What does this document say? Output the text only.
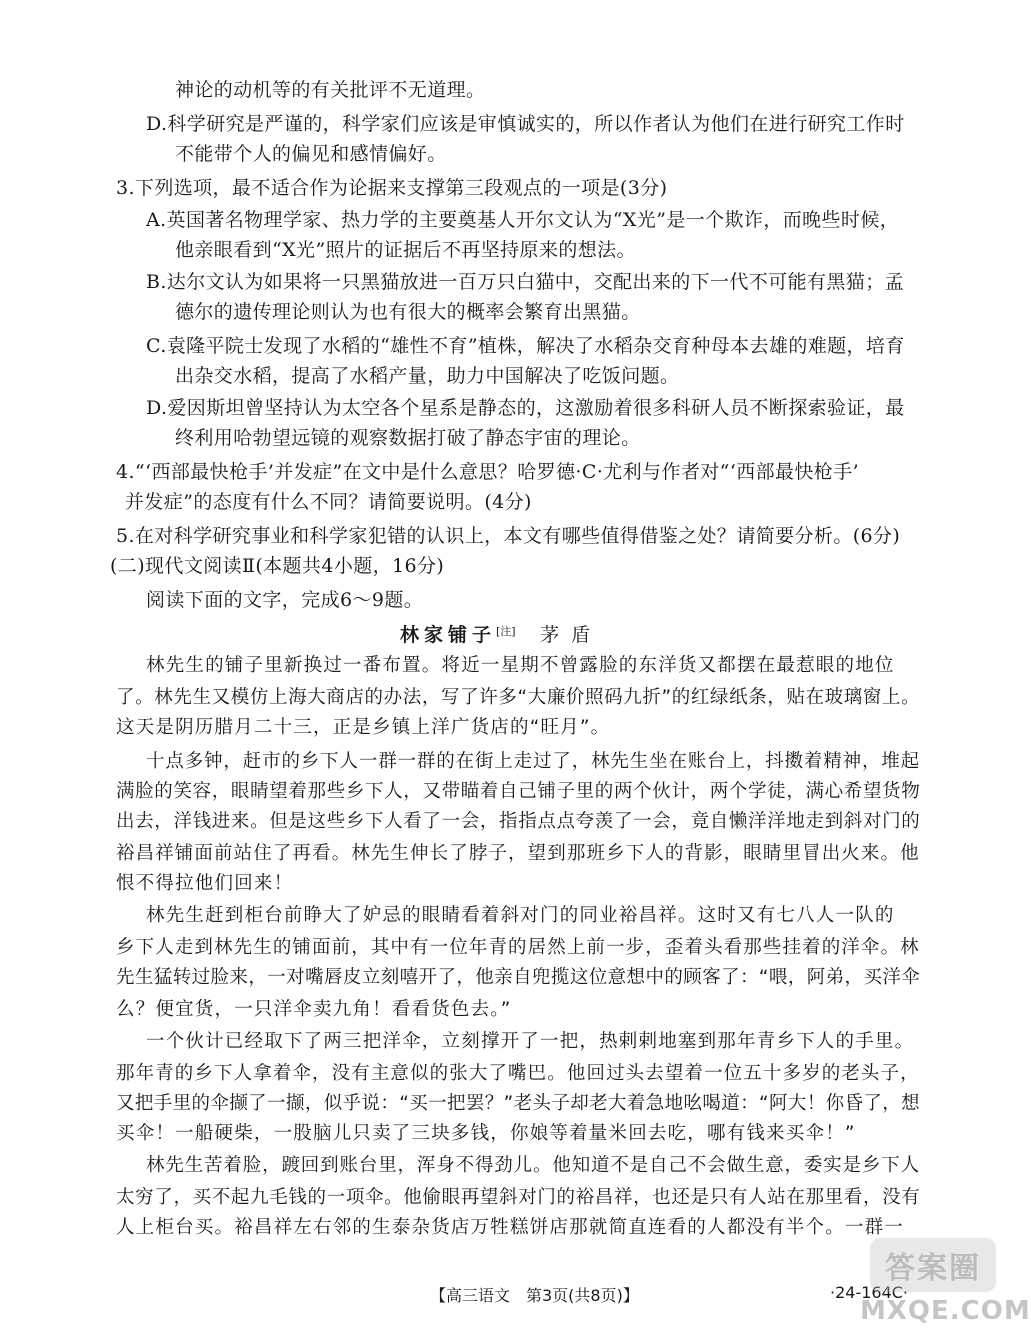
神论的动机等的有关批评不无道理。
D.科学研究是严谨的，科学家们应该是审慎诚实的，所以作者认为他们在进行研究工作时
不能带个人的偏见和感情偏好。
3.下列选项，最不适合作为论据来支撑第三段观点的一项是(3分)
A.英国著名物理学家、热力学的主要奠基人开尔文认为“X光”是一个欺诈，而晚些时候，
他亲眼看到“X光”照片的证据后不再坚持原来的想法。
B.达尔文认为如果将一只黑猫放进一百万只白猫中，交配出来的下一代不可能有黑猫；孟
德尔的遗传理论则认为也有很大的概率会繁育出黑猫。
C.袁隆平院士发现了水稻的“雄性不育”植株，解决了水稻杂交育种母本去雄的难题，培育
出杂交水稻，提高了水稻产量，助力中国解决了吃饭问题。
D.爱因斯坦曾坚持认为太空各个星系是静态的，这激励着很多科研人员不断探索验证，最
终利用哈勃望远镜的观察数据打破了静态宇宙的理论。
4.“‘西部最快枪手’并发症”在文中是什么意思？哈罗德·C·尤利与作者对“‘西部最快枪手’
并发症”的态度有什么不同？请简要说明。(4分)
5.在对科学研究事业和科学家犯错的认识上，本文有哪些值得借鉴之处？请简要分析。(6分)
(二)现代文阅读Ⅱ(本题共4小题，16分)
阅读下面的文字，完成6～9题。
林家铺子[注] 茅盾
林先生的铺子里新换过一番布置。将近一星期不曾露脸的东洋货又都摆在最惹眼的地位
了。林先生又模仿上海大商店的办法，写了许多“大廉价照码九折”的红绿纸条，贴在玻璃窗上。
这天是阴历腊月二十三，正是乡镇上洋广货店的“旺月”。
十点多钟，赶市的乡下人一群一群的在街上走过了，林先生坐在账台上，抖擞着精神，堆起
满脸的笑容，眼睛望着那些乡下人，又带瞄着自己铺子里的两个伙计，两个学徒，满心希望货物
出去，洋钱进来。但是这些乡下人看了一会，指指点点夸羡了一会，竟自懒洋洋地走到斜对门的
裕昌祥铺面前站住了再看。林先生伸长了脖子，望到那班乡下人的背影，眼睛里冒出火来。他
恨不得拉他们回来！
林先生赶到柜台前睁大了妒忌的眼睛看着斜对门的同业裕昌祥。这时又有七八人一队的
乡下人走到林先生的铺面前，其中有一位年青的居然上前一步，歪着头看那些挂着的洋伞。林
先生猛转过脸来，一对嘴唇皮立刻嘻开了，他亲自兜揽这位意想中的顾客了：“喂，阿弟，买洋伞
么？便宜货，一只洋伞卖九角！看看货色去。”
一个伙计已经取下了两三把洋伞，立刻撑开了一把，热剌剌地塞到那年青乡下人的手里。
那年青的乡下人拿着伞，没有主意似的张大了嘴巴。他回过头去望着一位五十多岁的老头子，
又把手里的伞撷了一撷，似乎说：“买一把罢？”老头子却老大着急地吆喝道：“阿大！你昏了，想
买伞！一船硬柴，一股脑儿只卖了三块多钱，你娘等着量米回去吃，哪有钱来买伞！”
林先生苦着脸，踱回到账台里，浑身不得劲儿。他知道不是自己不会做生意，委实是乡下人
太穷了，买不起九毛钱的一项伞。他偷眼再望斜对门的裕昌祥，也还是只有人站在那里看，没有
人上柜台买。裕昌祥左右邻的生泰杂货店万牲糕饼店那就简直连看的人都没有半个。一群一
【高三语文　第3页(共8页)】	·24-164C·
答案圈
MXQE.COM
